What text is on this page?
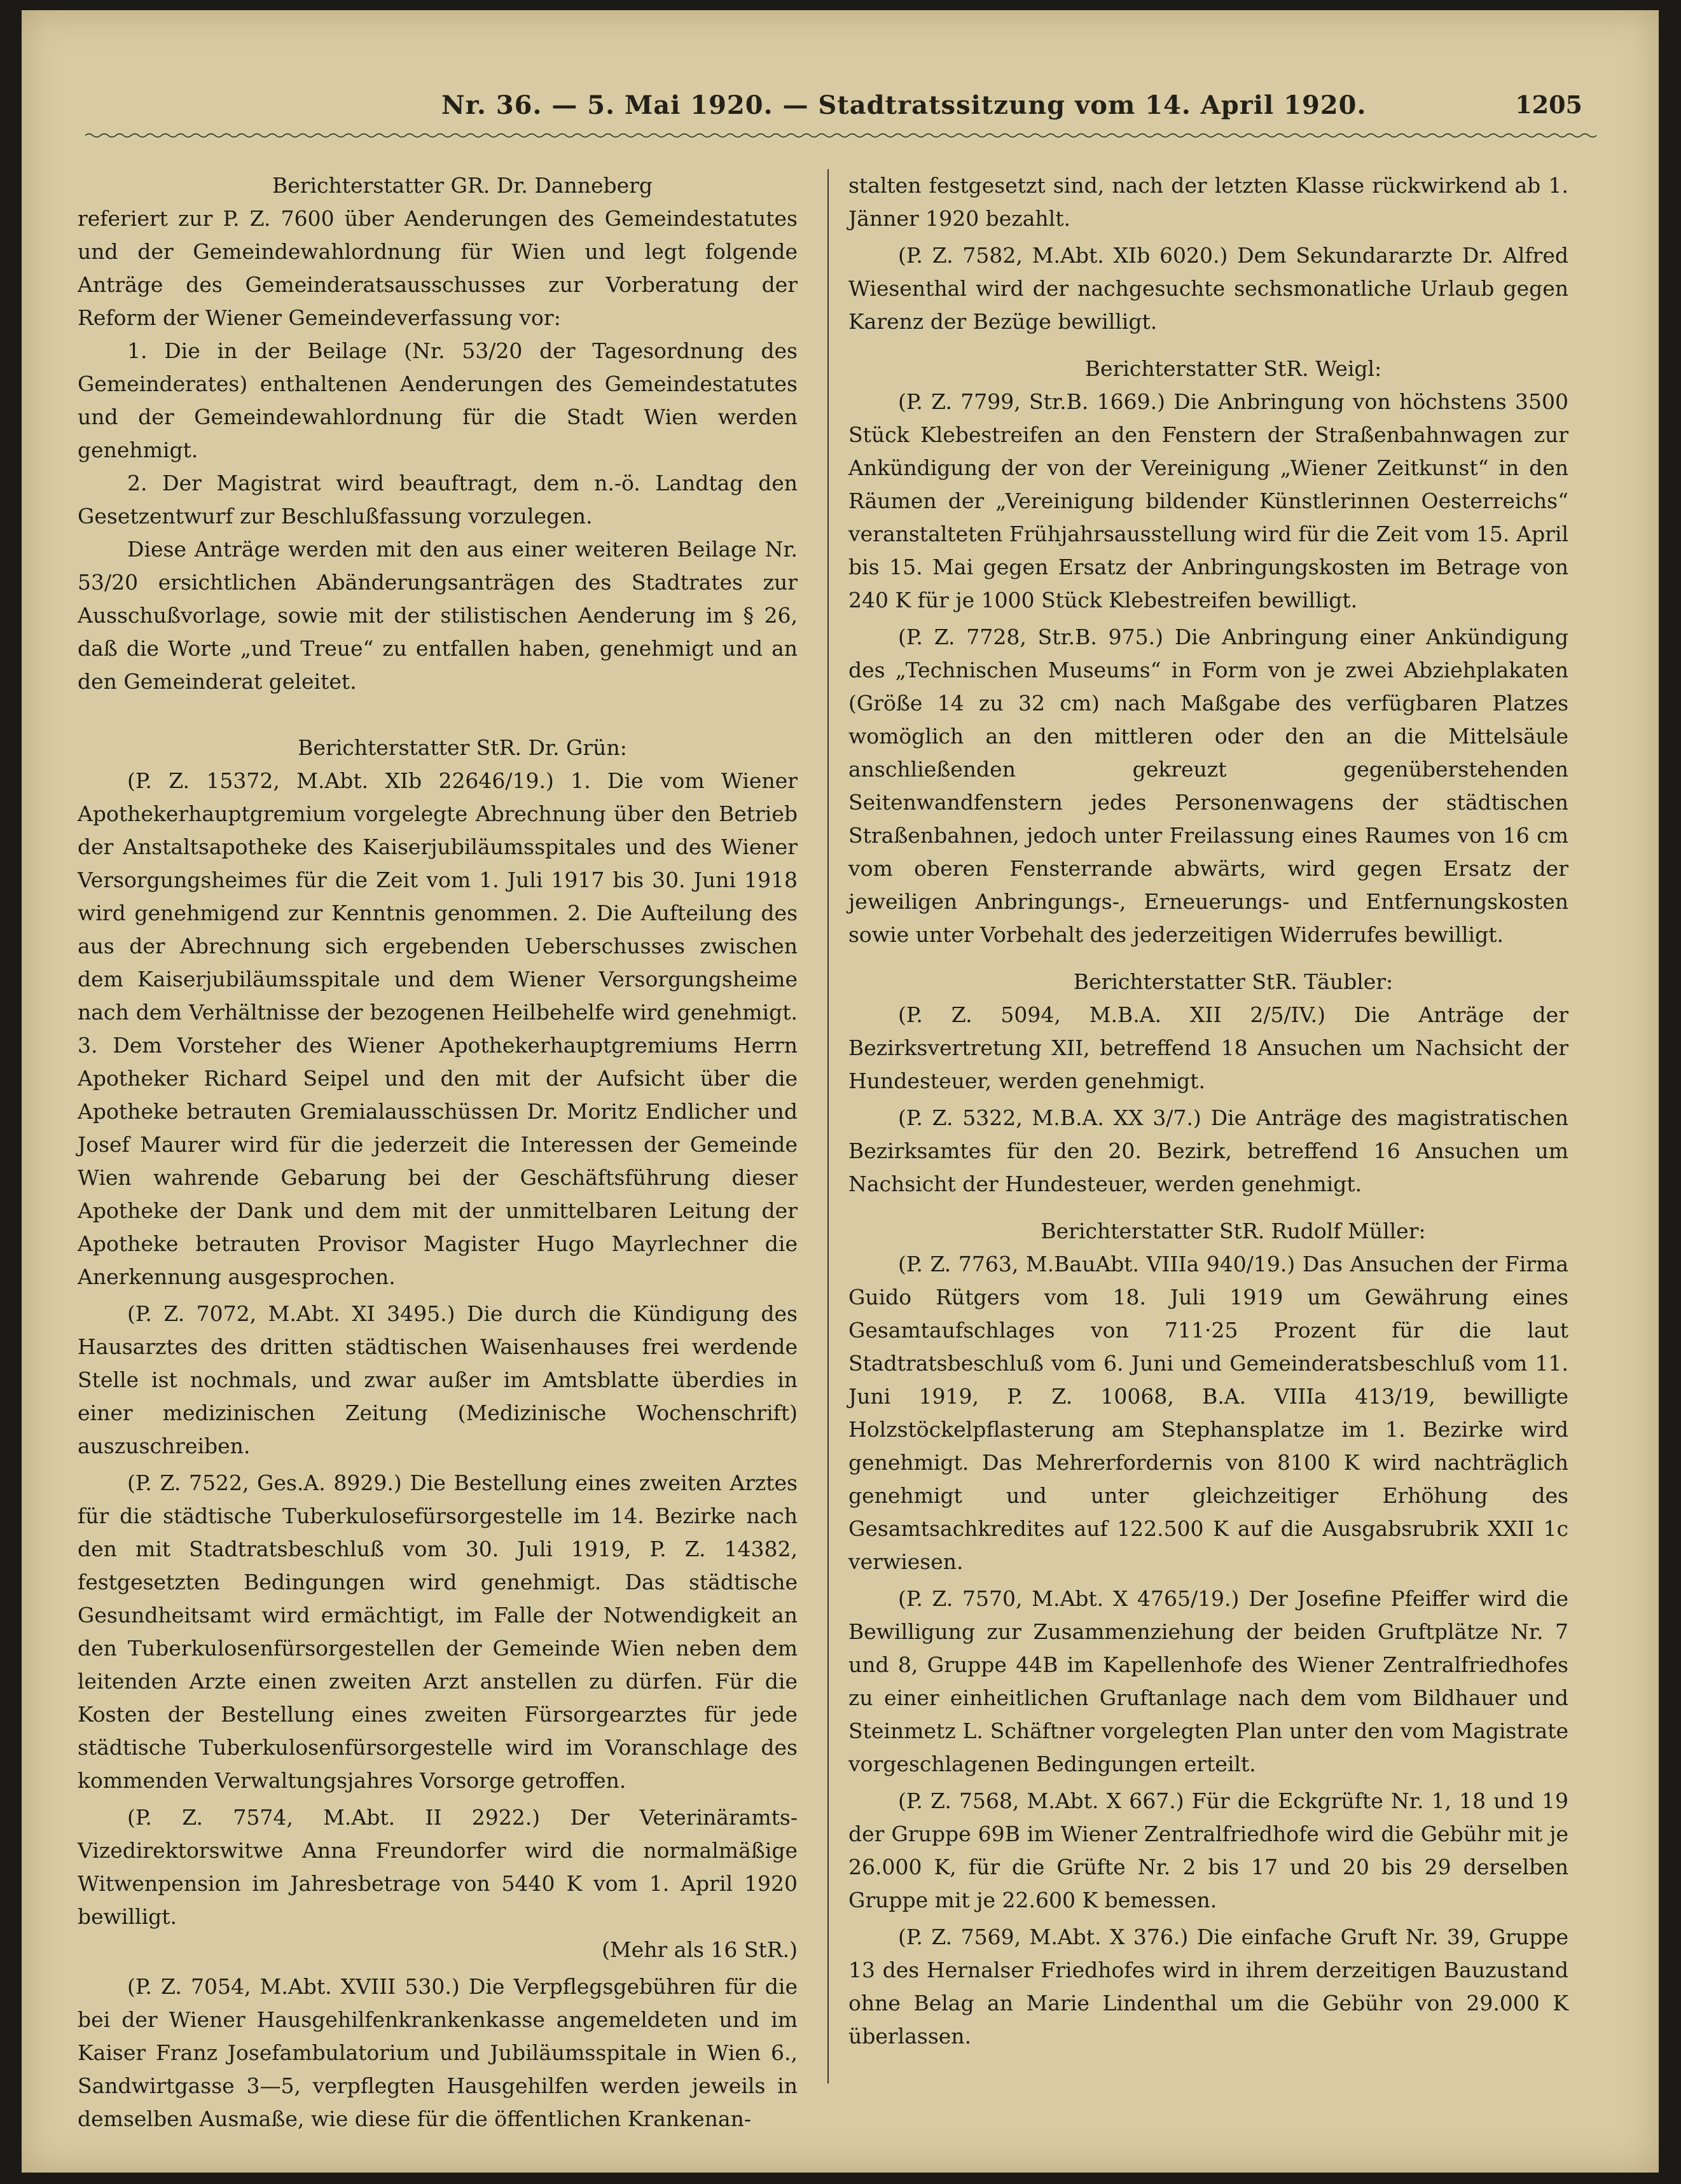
Nr. 36. — 5. Mai 1920. — Stadtratssitzung vom 14. April 1920.	1205

Berichterstatter GR. Dr. Danneberg

referiert zur P. Z. 7600 über Aenderungen des Gemeindestatutes und der Gemeindewahlordnung für Wien und legt folgende Anträge des Gemeinderatsausschusses zur Vorberatung der Reform der Wiener Gemeindeverfassung vor:

1. Die in der Beilage (Nr. 53/20 der Tagesordnung des Gemeinderates) enthaltenen Aenderungen des Gemeindestatutes und der Gemeindewahlordnung für die Stadt Wien werden genehmigt.

2. Der Magistrat wird beauftragt, dem n.-ö. Landtag den Gesetzentwurf zur Beschlußfassung vorzulegen.

Diese Anträge werden mit den aus einer weiteren Beilage Nr. 53/20 ersichtlichen Abänderungsanträgen des Stadtrates zur Ausschußvorlage, sowie mit der stilistischen Aenderung im § 26, daß die Worte „und Treue“ zu entfallen haben, genehmigt und an den Gemeinderat geleitet.

Berichterstatter StR. Dr. Grün:

(P. Z. 15372, M.Abt. XIb 22646/19.) 1. Die vom Wiener Apothekerhauptgremium vorgelegte Abrechnung über den Betrieb der Anstaltsapotheke des Kaiserjubiläumsspitales und des Wiener Versorgungsheimes für die Zeit vom 1. Juli 1917 bis 30. Juni 1918 wird genehmigend zur Kenntnis genommen. 2. Die Aufteilung des aus der Abrechnung sich ergebenden Ueberschusses zwischen dem Kaiserjubiläumsspitale und dem Wiener Versorgungsheime nach dem Verhältnisse der bezogenen Heilbehelfe wird genehmigt. 3. Dem Vorsteher des Wiener Apothekerhauptgremiums Herrn Apotheker Richard Seipel und den mit der Aufsicht über die Apotheke betrauten Gremialausschüssen Dr. Moritz Endlicher und Josef Maurer wird für die jederzeit die Interessen der Gemeinde Wien wahrende Gebarung bei der Geschäftsführung dieser Apotheke der Dank und dem mit der unmittelbaren Leitung der Apotheke betrauten Provisor Magister Hugo Mayrlechner die Anerkennung ausgesprochen.

(P. Z. 7072, M.Abt. XI 3495.) Die durch die Kündigung des Hausarztes des dritten städtischen Waisenhauses frei werdende Stelle ist nochmals, und zwar außer im Amtsblatte überdies in einer medizinischen Zeitung (Medizinische Wochenschrift) auszuschreiben.

(P. Z. 7522, Ges.A. 8929.) Die Bestellung eines zweiten Arztes für die städtische Tuberkulosefürsorgestelle im 14. Bezirke nach den mit Stadtratsbeschluß vom 30. Juli 1919, P. Z. 14382, festgesetzten Bedingungen wird genehmigt. Das städtische Gesundheitsamt wird ermächtigt, im Falle der Notwendigkeit an den Tuberkulosenfürsorgestellen der Gemeinde Wien neben dem leitenden Arzte einen zweiten Arzt anstellen zu dürfen. Für die Kosten der Bestellung eines zweiten Fürsorgearztes für jede städtische Tuberkulosenfürsorgestelle wird im Voranschlage des kommenden Verwaltungsjahres Vorsorge getroffen.

(P. Z. 7574, M.Abt. II 2922.) Der Veterinäramts-Vizedirektorswitwe Anna Freundorfer wird die normalmäßige Witwenpension im Jahresbetrage von 5440 K vom 1. April 1920 bewilligt.

(Mehr als 16 StR.)

(P. Z. 7054, M.Abt. XVIII 530.) Die Verpflegsgebühren für die bei der Wiener Hausgehilfenkrankenkasse angemeldeten und im Kaiser Franz Josefambulatorium und Jubiläumsspitale in Wien 6., Sandwirtgasse 3—5, verpflegten Hausgehilfen werden jeweils in demselben Ausmaße, wie diese für die öffentlichen Krankenan-

stalten festgesetzt sind, nach der letzten Klasse rückwirkend ab 1. Jänner 1920 bezahlt.

(P. Z. 7582, M.Abt. XIb 6020.) Dem Sekundararzte Dr. Alfred Wiesenthal wird der nachgesuchte sechsmonatliche Urlaub gegen Karenz der Bezüge bewilligt.

Berichterstatter StR. Weigl:

(P. Z. 7799, Str.B. 1669.) Die Anbringung von höchstens 3500 Stück Klebestreifen an den Fenstern der Straßenbahnwagen zur Ankündigung der von der Vereinigung „Wiener Zeitkunst“ in den Räumen der „Vereinigung bildender Künstlerinnen Oesterreichs“ veranstalteten Frühjahrsausstellung wird für die Zeit vom 15. April bis 15. Mai gegen Ersatz der Anbringungskosten im Betrage von 240 K für je 1000 Stück Klebestreifen bewilligt.

(P. Z. 7728, Str.B. 975.) Die Anbringung einer Ankündigung des „Technischen Museums“ in Form von je zwei Abziehplakaten (Größe 14 zu 32 cm) nach Maßgabe des verfügbaren Platzes womöglich an den mittleren oder den an die Mittelsäule anschließenden gekreuzt gegenüberstehenden Seitenwandfenstern jedes Personenwagens der städtischen Straßenbahnen, jedoch unter Freilassung eines Raumes von 16 cm vom oberen Fensterrande abwärts, wird gegen Ersatz der jeweiligen Anbringungs-, Erneuerungs- und Entfernungskosten sowie unter Vorbehalt des jederzeitigen Widerrufes bewilligt.

Berichterstatter StR. Täubler:

(P. Z. 5094, M.B.A. XII 2/5/IV.) Die Anträge der Bezirksvertretung XII, betreffend 18 Ansuchen um Nachsicht der Hundesteuer, werden genehmigt.

(P. Z. 5322, M.B.A. XX 3/7.) Die Anträge des magistratischen Bezirksamtes für den 20. Bezirk, betreffend 16 Ansuchen um Nachsicht der Hundesteuer, werden genehmigt.

Berichterstatter StR. Rudolf Müller:

(P. Z. 7763, M.BauAbt. VIIIa 940/19.) Das Ansuchen der Firma Guido Rütgers vom 18. Juli 1919 um Gewährung eines Gesamtaufschlages von 711·25 Prozent für die laut Stadtratsbeschluß vom 6. Juni und Gemeinderatsbeschluß vom 11. Juni 1919, P. Z. 10068, B.A. VIIIa 413/19, bewilligte Holzstöckelpflasterung am Stephansplatze im 1. Bezirke wird genehmigt. Das Mehrerfordernis von 8100 K wird nachträglich genehmigt und unter gleichzeitiger Erhöhung des Gesamtsachkredites auf 122.500 K auf die Ausgabsrubrik XXII 1c verwiesen.

(P. Z. 7570, M.Abt. X 4765/19.) Der Josefine Pfeiffer wird die Bewilligung zur Zusammenziehung der beiden Gruftplätze Nr. 7 und 8, Gruppe 44B im Kapellenhofe des Wiener Zentralfriedhofes zu einer einheitlichen Gruftanlage nach dem vom Bildhauer und Steinmetz L. Schäftner vorgelegten Plan unter den vom Magistrate vorgeschlagenen Bedingungen erteilt.

(P. Z. 7568, M.Abt. X 667.) Für die Eckgrüfte Nr. 1, 18 und 19 der Gruppe 69B im Wiener Zentralfriedhofe wird die Gebühr mit je 26.000 K, für die Grüfte Nr. 2 bis 17 und 20 bis 29 derselben Gruppe mit je 22.600 K bemessen.

(P. Z. 7569, M.Abt. X 376.) Die einfache Gruft Nr. 39, Gruppe 13 des Hernalser Friedhofes wird in ihrem derzeitigen Bauzustand ohne Belag an Marie Lindenthal um die Gebühr von 29.000 K überlassen.
